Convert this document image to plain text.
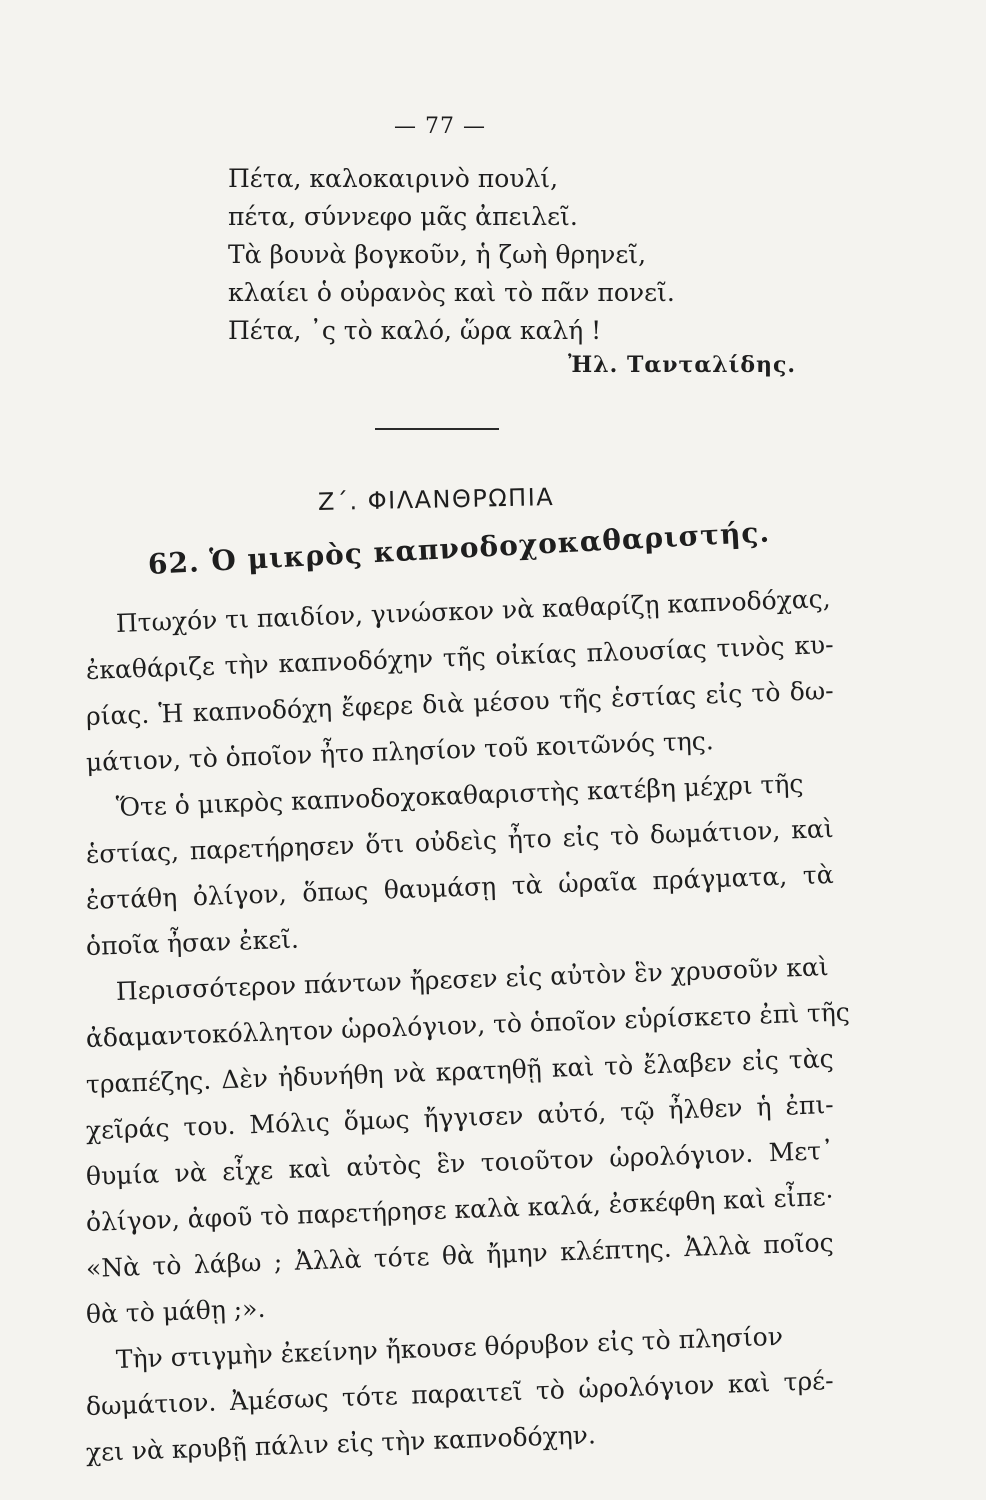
— 77 —
Πέτα, καλοκαιρινὸ πουλί,
πέτα, σύννεφο μᾶς ἀπειλεῖ.
Τὰ βουνὰ βογκοῦν, ἡ ζωὴ θρηνεῖ,
κλαίει ὁ οὐρανὸς καὶ τὸ πᾶν πονεῖ.
Πέτα, ᾽ς τὸ καλό, ὥρα καλή !
Ἠλ. Τανταλίδης.
Ζ΄. ΦΙΛΑΝΘΡΩΠΙΑ
62. Ὁ μικρὸς καπνοδοχοκαθαριστής.
Πτωχόν τι παιδίον, γινώσκον νὰ καθαρίζῃ καπνοδόχας,
ἐκαθάριζε τὴν καπνοδόχην τῆς οἰκίας πλουσίας τινὸς κυ-
ρίας. Ἡ καπνοδόχη ἔφερε διὰ μέσου τῆς ἑστίας εἰς τὸ δω-
μάτιον, τὸ ὁποῖον ἦτο πλησίον τοῦ κοιτῶνός της.
Ὅτε ὁ μικρὸς καπνοδοχοκαθαριστὴς κατέβη μέχρι τῆς
ἑστίας, παρετήρησεν ὅτι οὐδεὶς ἦτο εἰς τὸ δωμάτιον, καὶ
ἐστάθη ὀλίγον, ὅπως θαυμάσῃ τὰ ὡραῖα πράγματα, τὰ
ὁποῖα ἦσαν ἐκεῖ.
Περισσότερον πάντων ἤρεσεν εἰς αὐτὸν ἓν χρυσοῦν καὶ
ἀδαμαντοκόλλητον ὡρολόγιον, τὸ ὁποῖον εὑρίσκετο ἐπὶ τῆς
τραπέζης. Δὲν ἠδυνήθη νὰ κρατηθῇ καὶ τὸ ἔλαβεν εἰς τὰς
χεῖράς του. Μόλις ὅμως ἤγγισεν αὐτό, τῷ ἦλθεν ἡ ἐπι-
θυμία νὰ εἶχε καὶ αὐτὸς ἓν τοιοῦτον ὡρολόγιον. Μετ᾽
ὀλίγον, ἀφοῦ τὸ παρετήρησε καλὰ καλά, ἐσκέφθη καὶ εἶπε·
«Νὰ τὸ λάβω ; Ἀλλὰ τότε θὰ ἤμην κλέπτης. Ἀλλὰ ποῖος
θὰ τὸ μάθῃ ;».
Τὴν στιγμὴν ἐκείνην ἤκουσε θόρυβον εἰς τὸ πλησίον
δωμάτιον. Ἀμέσως τότε παραιτεῖ τὸ ὡρολόγιον καὶ τρέ-
χει νὰ κρυβῇ πάλιν εἰς τὴν καπνοδόχην.
